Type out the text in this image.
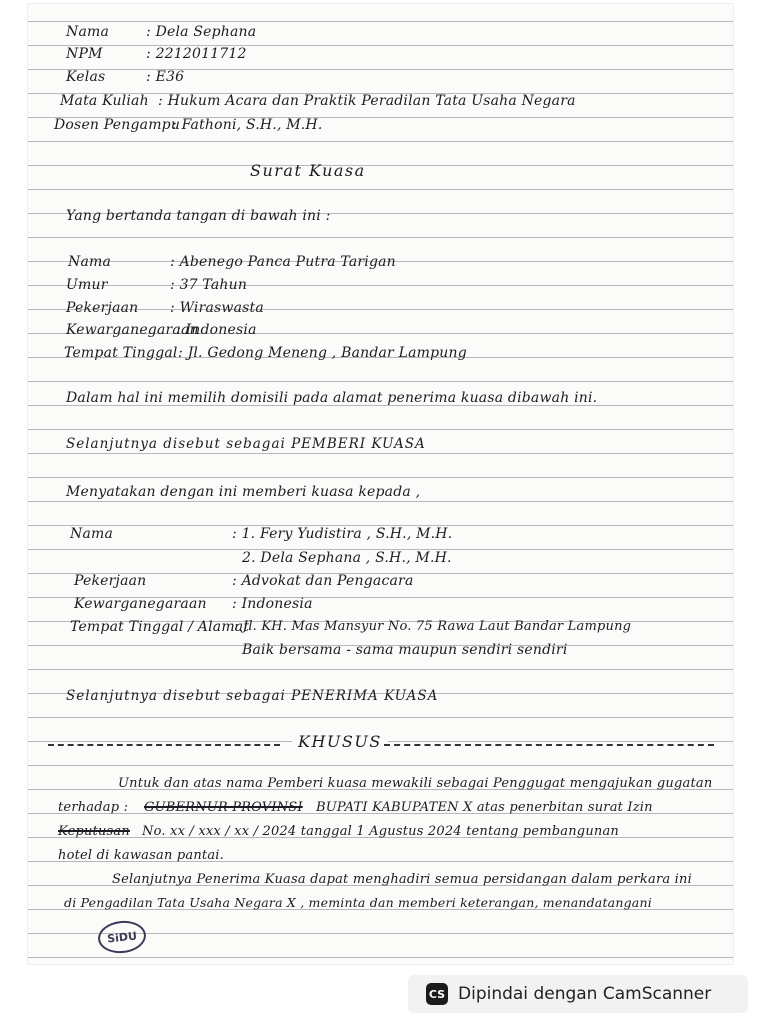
Nama	: Dela Sephana
NPM	: 2212011712
Kelas	: E36
Mata Kuliah : Hukum Acara dan Praktik Peradilan Tata Usaha Negara
Dosen Pengampu
: Fathoni, S.H., M.H.
Surat Kuasa
Yang bertanda tangan di bawah ini :
Nama	: Abenego Panca Putra Tarigan
Umur	: 37 Tahun
Pekerjaan : Wiraswasta
Kewarganegaraan
: Indonesia
Tempat Tinggal : Jl. Gedong Meneng , Bandar Lampung
Dalam hal ini memilih domisili pada alamat penerima kuasa dibawah ini.
Selanjutnya disebut sebagai PEMBERI KUASA
Menyatakan dengan ini memberi kuasa kepada ,
Nama	: 1. Fery Yudistira , S.H., M.H.
2. Dela Sephana , S.H., M.H.
Pekerjaan	: Advokat dan Pengacara
Kewarganegaraan : Indonesia
Tempat Tinggal / Alamat
: Jl. KH. Mas Mansyur No. 75 Rawa Laut Bandar Lampung
Baik bersama - sama maupun sendiri sendiri
Selanjutnya disebut sebagai PENERIMA KUASA
KHUSUS
Untuk dan atas nama Pemberi kuasa mewakili sebagai Penggugat mengajukan gugatan
terhadap : GUBERNUR PROVINSI BUPATI KABUPATEN X atas penerbitan surat Izin
Keputusan No. xx / xxx / xx / 2024 tanggal 1 Agustus 2024 tentang pembangunan
hotel di kawasan pantai.
Selanjutnya Penerima Kuasa dapat menghadiri semua persidangan dalam perkara ini
di Pengadilan Tata Usaha Negara X , meminta dan memberi keterangan, menandatangani
SiDU
CS Dipindai dengan CamScanner
